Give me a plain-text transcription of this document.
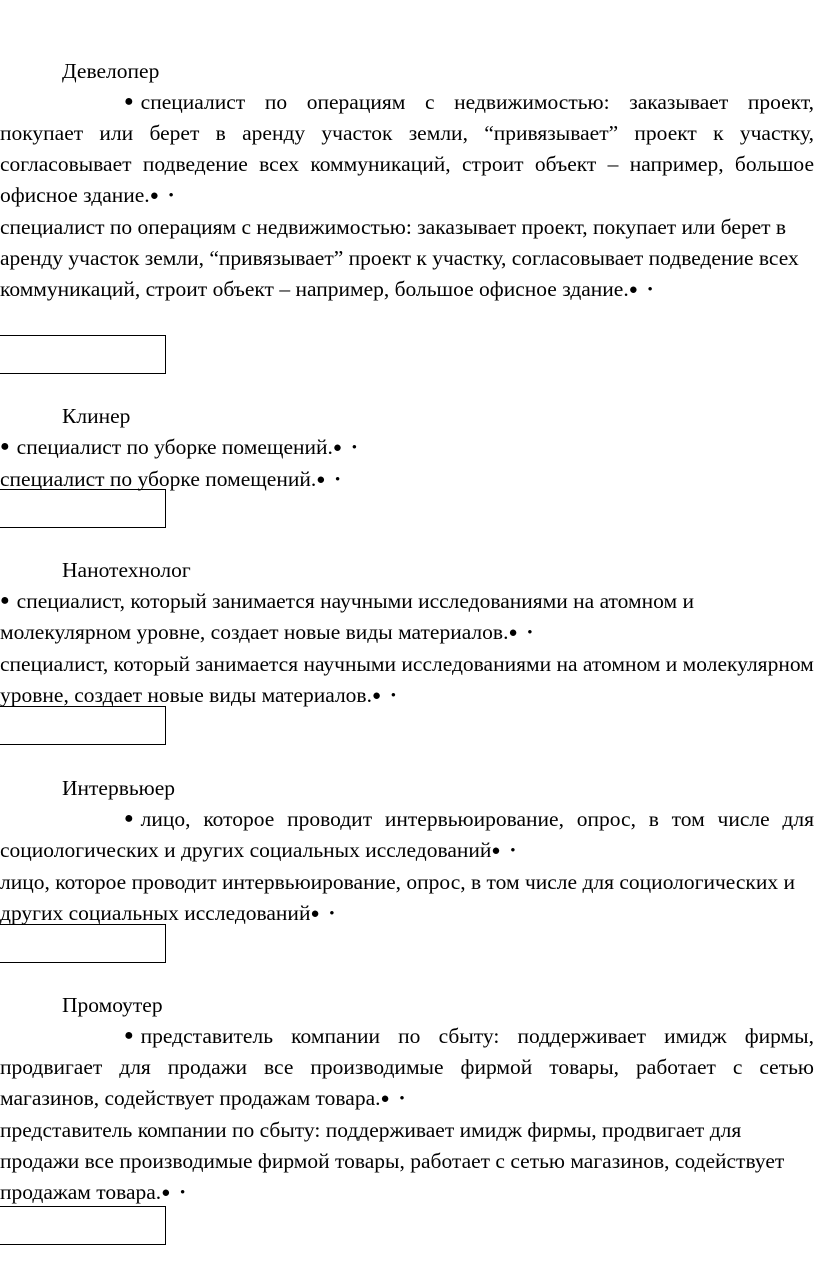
Девелопер

● специалист по операциям с недвижимостью: заказывает проект, покупает или берет в аренду участок земли, “привязывает” проект к участку, согласовывает подведение всех коммуникаций, строит объект – например, большое офисное здание.● •

специалист по операциям с недвижимостью: заказывает проект, покупает или берет в аренду участок земли, “привязывает” проект к участку, согласовывает подведение всех коммуникаций, строит объект – например, большое офисное здание.● •

Клинер

● специалист по уборке помещений.● •

специалист по уборке помещений.● •

Нанотехнолог

● специалист, который занимается научными исследованиями на атомном и молекулярном уровне, создает новые виды материалов.● •

специалист, который занимается научными исследованиями на атомном и молекулярном уровне, создает новые виды материалов.● •

Интервьюер

● лицо, которое проводит интервьюирование, опрос, в том числе для социологических и других социальных исследований● •

лицо, которое проводит интервьюирование, опрос, в том числе для социологических и других социальных исследований● •

Промоутер

● представитель компании по сбыту: поддерживает имидж фирмы, продвигает для продажи все производимые фирмой товары, работает с сетью магазинов, содействует продажам товара.● •

представитель компании по сбыту: поддерживает имидж фирмы, продвигает для продажи все производимые фирмой товары, работает с сетью магазинов, содействует продажам товара.● •
